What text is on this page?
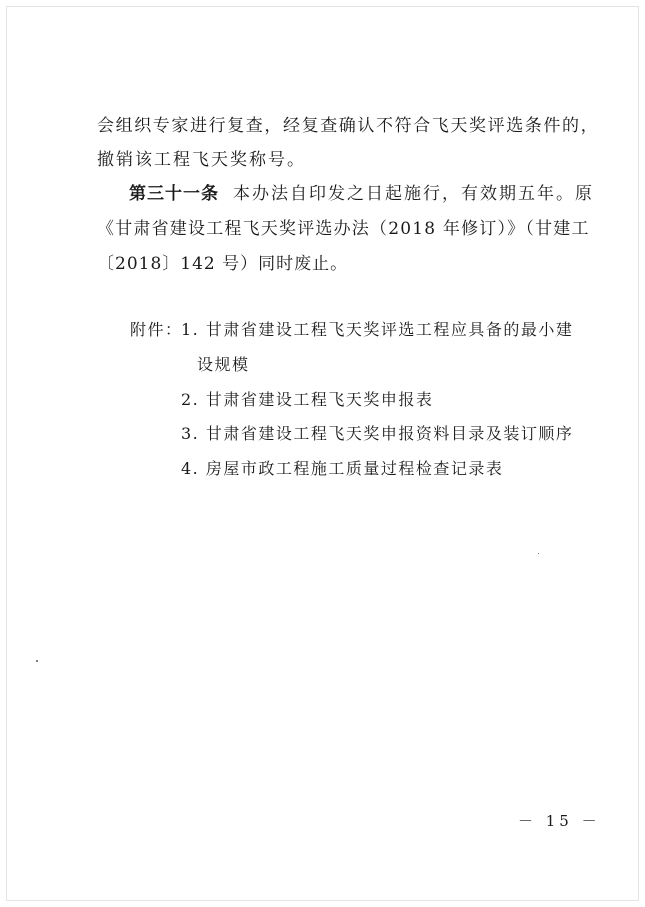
会组织专家进行复查，经复查确认不符合飞天奖评选条件的，
撤销该工程飞天奖称号。
第三十一条 本办法自印发之日起施行，有效期五年。原
《甘肃省建设工程飞天奖评选办法（2018 年修订）》（甘建工
〔2018〕142 号）同时废止。
附件：
1. 甘肃省建设工程飞天奖评选工程应具备的最小建
设规模
2. 甘肃省建设工程飞天奖申报表
3. 甘肃省建设工程飞天奖申报资料目录及装订顺序
4. 房屋市政工程施工质量过程检查记录表
－ 15 －
